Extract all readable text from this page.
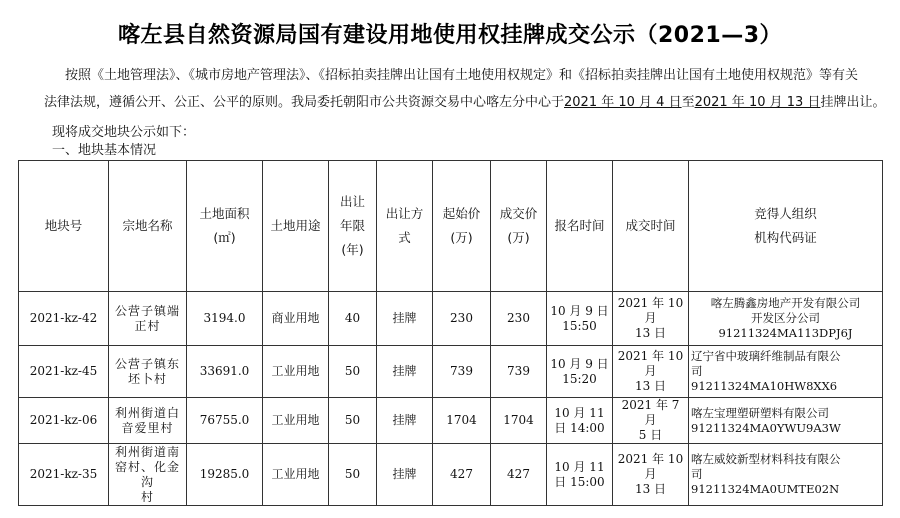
喀左县自然资源局国有建设用地使用权挂牌成交公示（2021—3）
按照《土地管理法》、《城市房地产管理法》、《招标拍卖挂牌出让国有土地使用权规定》和《招标拍卖挂牌出让国有土地使用权规范》等有关
法律法规，遵循公开、公正、公平的原则。我局委托朝阳市公共资源交易中心喀左分中心于2021 年 10 月 4 日至2021 年 10 月 13 日挂牌出让。
现将成交地块公示如下：
一、地块基本情况
地块号	宗地名称	土地面积
(㎡)	土地用途	出让
年限
(年)	出让方
式	起始价
(万)	成交价
(万)	报名时间	成交时间	竞得人组织
机构代码证

2021-kz-42	公营子镇端
正村	3194.0	商业用地	40	挂牌	230	230	10 月 9 日
15:50	2021 年 10 月
13 日	喀左腾鑫房地产开发有限公司
开发区分公司
91211324MA113DPJ6J

2021-kz-45	公营子镇东
坯卜村	33691.0	工业用地	50	挂牌	739	739	10 月 9 日
15:20	2021 年 10 月
13 日	辽宁省中玻璃纤维制品有限公
司
91211324MA10HW8XX6

2021-kz-06	利州街道白
音爱里村	76755.0	工业用地	50	挂牌	1704	1704	10 月 11
日 14:00	2021 年 7 月
5 日	喀左宝理塑研塑料有限公司
91211324MA0YWU9A3W

2021-kz-35	利州街道南
窑村、化金沟
村	19285.0	工业用地	50	挂牌	427	427	10 月 11
日 15:00	2021 年 10 月
13 日	喀左威姣新型材料科技有限公
司
91211324MA0UMTE02N
